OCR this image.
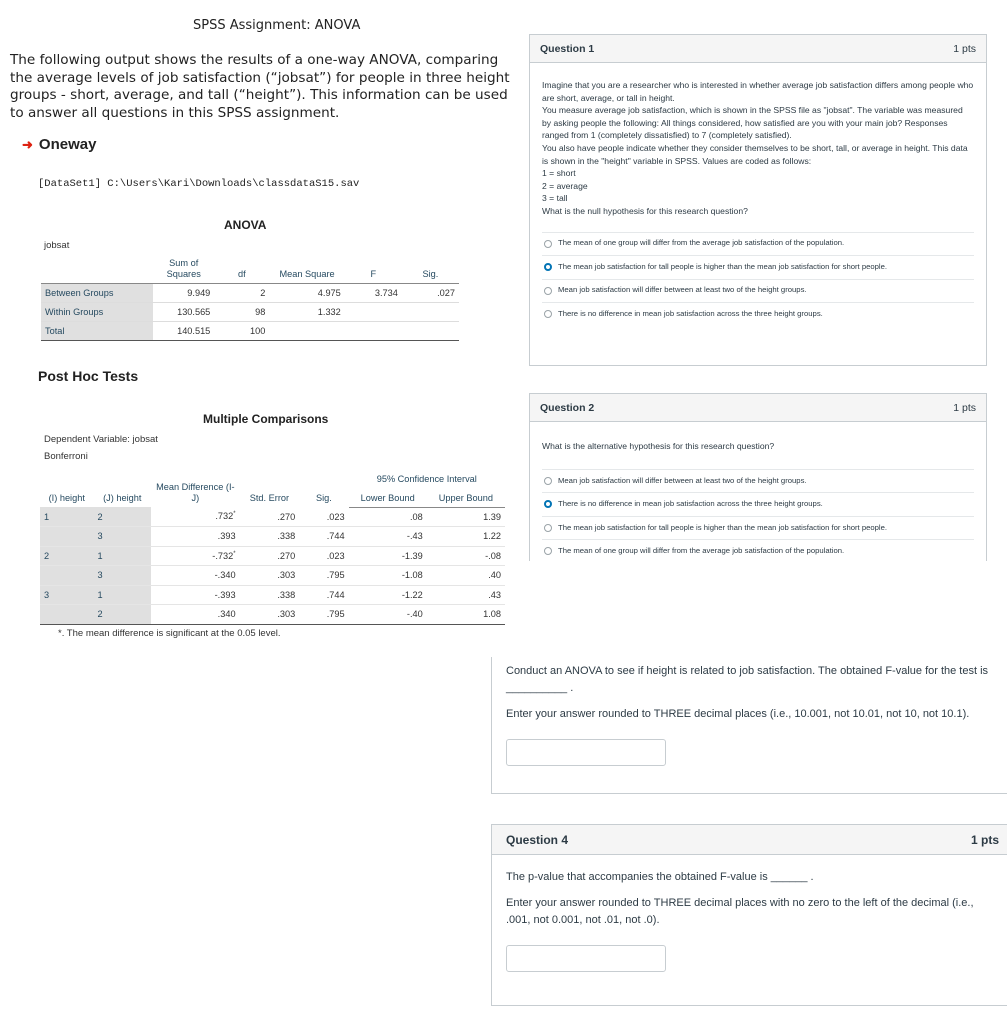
SPSS Assignment: ANOVA
The following output shows the results of a one-way ANOVA, comparing the average levels of job satisfaction (“jobsat”) for people in three height groups - short, average, and tall (“height”). This information can be used to answer all questions in this SPSS assignment.
➜ Oneway
[DataSet1] C:\Users\Kari\Downloads\classdataS15.sav
ANOVA
jobsat
	Sum of Squares	df	Mean Square	F	Sig.
Between Groups	9.949	2	4.975	3.734	.027
Within Groups	130.565	98	1.332		
Total	140.515	100			
Post Hoc Tests
Multiple Comparisons
Dependent Variable: jobsat
Bonferroni
(I) height	(J) height	Mean Difference (I-J)	Std. Error	Sig.	95% Confidence Interval	
					Lower Bound	Upper Bound
1	2	.732*	.270	.023	.08	1.39
	3	.393	.338	.744	-.43	1.22
2	1	-.732*	.270	.023	-1.39	-.08
	3	-.340	.303	.795	-1.08	.40
3	1	-.393	.338	.744	-1.22	.43
	2	.340	.303	.795	-.40	1.08
*. The mean difference is significant at the 0.05 level.
Question 1	1 pts
Imagine that you are a researcher who is interested in whether average job satisfaction differs among people who are short, average, or tall in height.
You measure average job satisfaction, which is shown in the SPSS file as "jobsat". The variable was measured by asking people the following: All things considered, how satisfied are you with your main job? Responses ranged from 1 (completely dissatisfied) to 7 (completely satisfied).
You also have people indicate whether they consider themselves to be short, tall, or average in height. This data is shown in the "height" variable in SPSS. Values are coded as follows:
1 = short
2 = average
3 = tall
What is the null hypothesis for this research question?
The mean of one group will differ from the average job satisfaction of the population.
The mean job satisfaction for tall people is higher than the mean job satisfaction for short people.
Mean job satisfaction will differ between at least two of the height groups.
There is no difference in mean job satisfaction across the three height groups.
Question 2	1 pts
What is the alternative hypothesis for this research question?
Mean job satisfaction will differ between at least two of the height groups.
There is no difference in mean job satisfaction across the three height groups.
The mean job satisfaction for tall people is higher than the mean job satisfaction for short people.
The mean of one group will differ from the average job satisfaction of the population.

Conduct an ANOVA to see if height is related to job satisfaction. The obtained F-value for the test is __________ .

Enter your answer rounded to THREE decimal places (i.e., 10.001, not 10.01, not 10, not 10.1).

Question 4	1 pts

The p-value that accompanies the obtained F-value is ______ .

Enter your answer rounded to THREE decimal places with no zero to the left of the decimal (i.e., .001, not 0.001, not .01, not .0).
